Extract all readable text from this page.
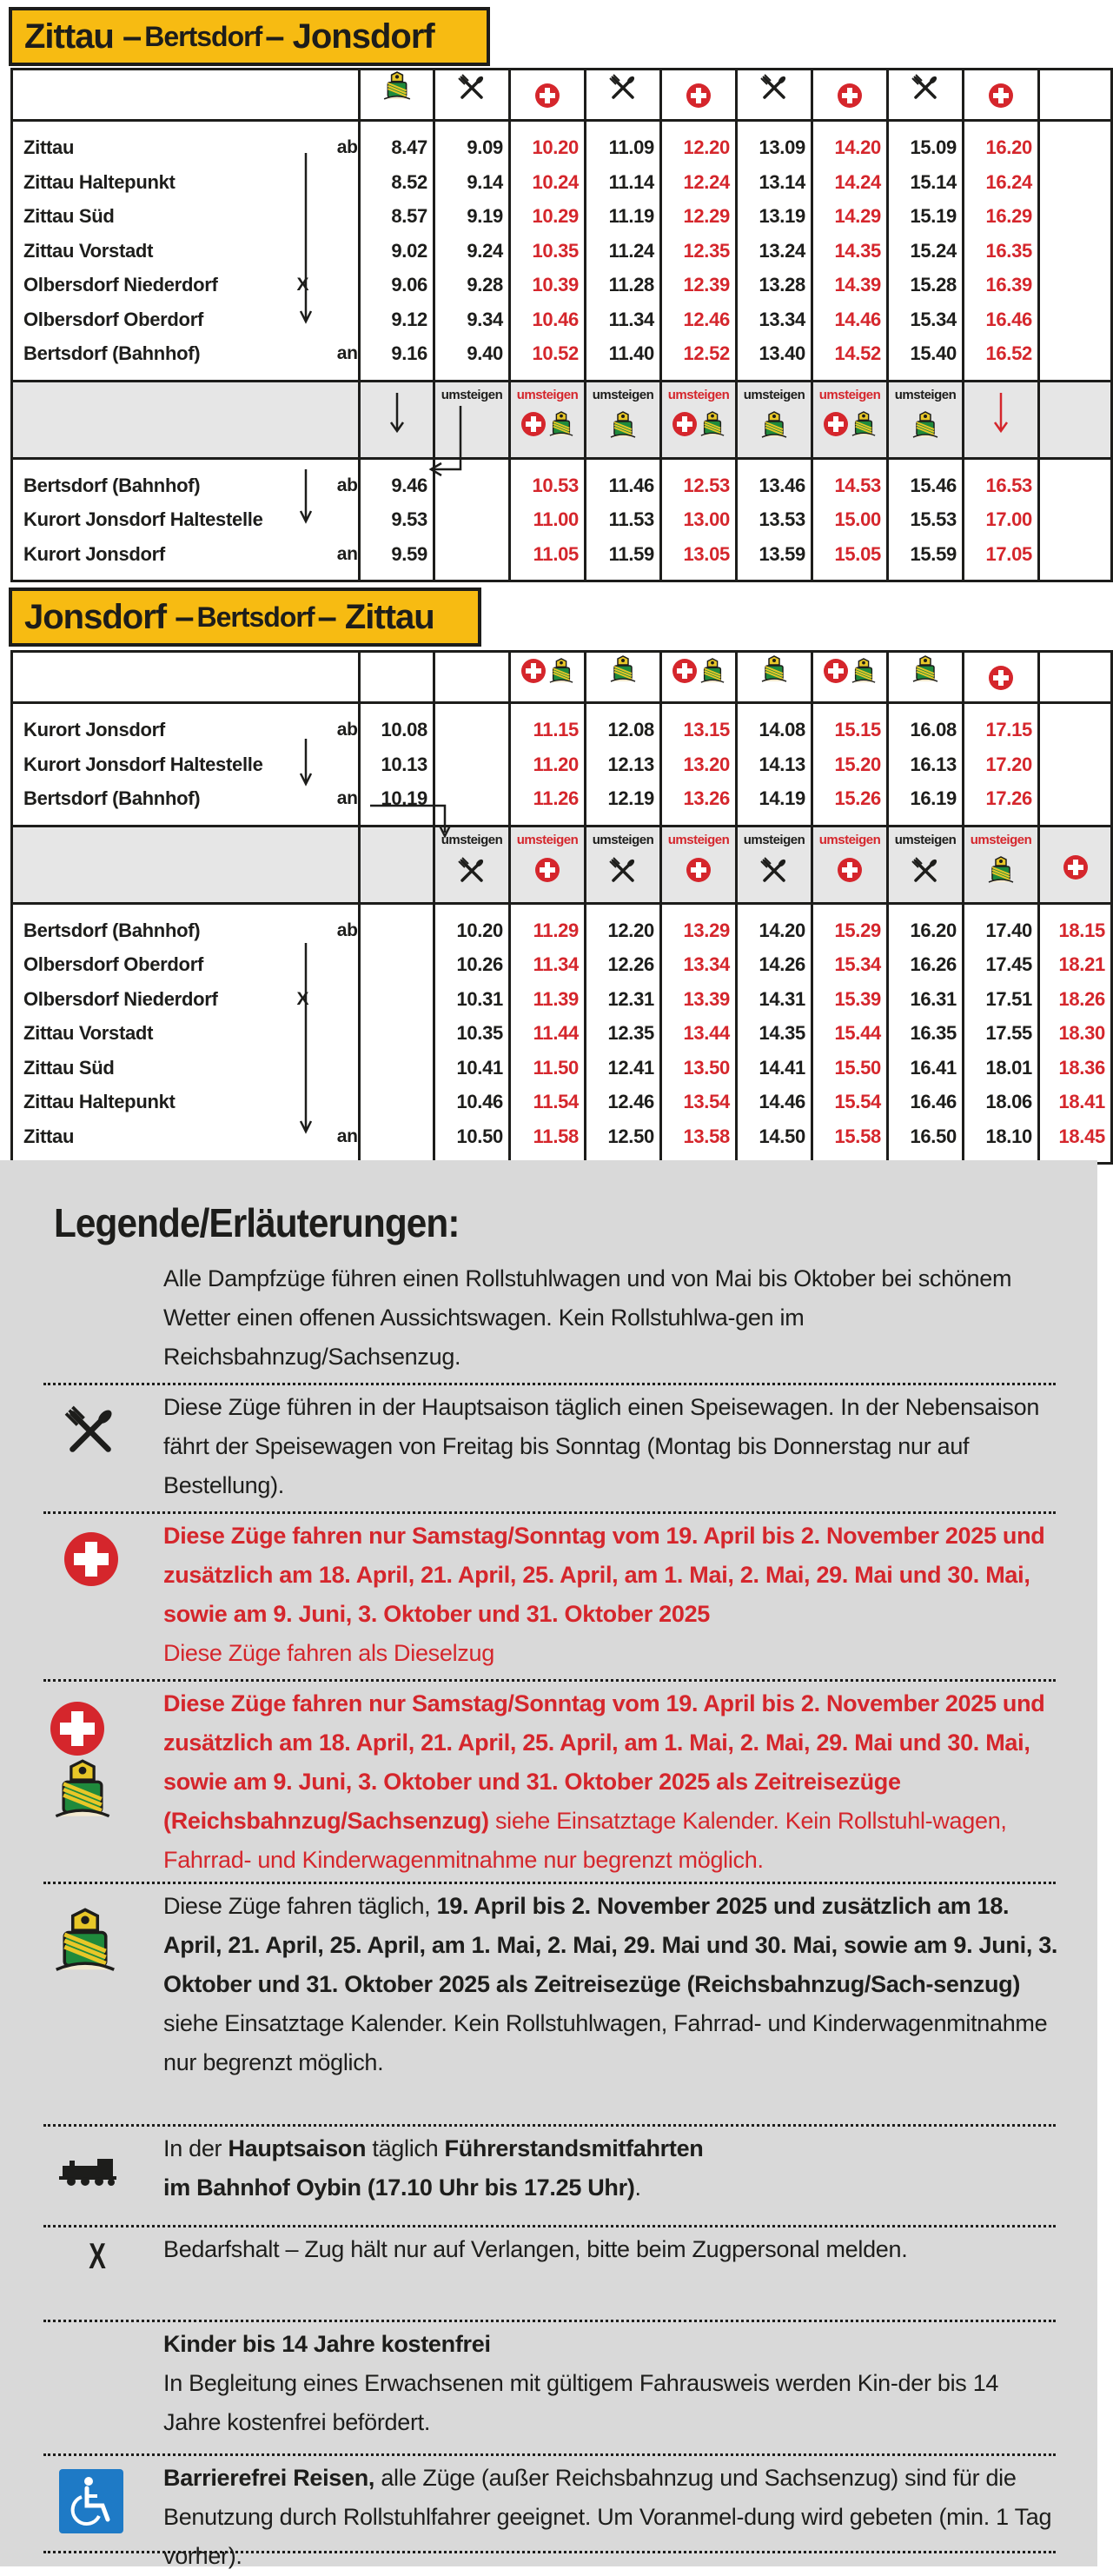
Zittau – Bertsdorf – Jonsdorf

Zittau		ab	8.47	9.09	10.20	11.09	12.20	13.09	14.20	15.09	16.20	
Zittau Haltepunkt			8.52	9.14	10.24	11.14	12.24	13.14	14.24	15.14	16.24	
Zittau Süd			8.57	9.19	10.29	11.19	12.29	13.19	14.29	15.19	16.29	
Zittau Vorstadt			9.02	9.24	10.35	11.24	12.35	13.24	14.35	15.24	16.35	
Olbersdorf Niederdorf	X		9.06	9.28	10.39	11.28	12.39	13.28	14.39	15.28	16.39	
Olbersdorf Oberdorf			9.12	9.34	10.46	11.34	12.46	13.34	14.46	15.34	16.46	
Bertsdorf (Bahnhof)		an	9.16	9.40	10.52	11.40	12.52	13.40	14.52	15.40	16.52	

umsteigen	umsteigen	umsteigen	umsteigen	umsteigen	umsteigen	umsteigen

Bertsdorf (Bahnhof)		ab	9.46		10.53	11.46	12.53	13.46	14.53	15.46	16.53	
Kurort Jonsdorf Haltestelle			9.53		11.00	11.53	13.00	13.53	15.00	15.53	17.00	
Kurort Jonsdorf		an	9.59		11.05	11.59	13.05	13.59	15.05	15.59	17.05	
Jonsdorf – Bertsdorf – Zittau

Kurort Jonsdorf		ab	10.08		11.15	12.08	13.15	14.08	15.15	16.08	17.15	
Kurort Jonsdorf Haltestelle			10.13		11.20	12.13	13.20	14.13	15.20	16.13	17.20	
Bertsdorf (Bahnhof)		an	10.19		11.26	12.19	13.26	14.19	15.26	16.19	17.26	

				umsteigen	umsteigen	umsteigen	umsteigen	umsteigen	umsteigen	umsteigen	umsteigen	

Bertsdorf (Bahnhof)		ab		10.20	11.29	12.20	13.29	14.20	15.29	16.20	17.40	18.15
Olbersdorf Oberdorf				10.26	11.34	12.26	13.34	14.26	15.34	16.26	17.45	18.21
Olbersdorf Niederdorf	X			10.31	11.39	12.31	13.39	14.31	15.39	16.31	17.51	18.26
Zittau Vorstadt				10.35	11.44	12.35	13.44	14.35	15.44	16.35	17.55	18.30
Zittau Süd				10.41	11.50	12.41	13.50	14.41	15.50	16.41	18.01	18.36
Zittau Haltepunkt				10.46	11.54	12.46	13.54	14.46	15.54	16.46	18.06	18.41
Zittau		an		10.50	11.58	12.50	13.58	14.50	15.58	16.50	18.10	18.45
Legende/Erläuterungen:
Alle Dampfzüge führen einen Rollstuhlwagen und von Mai bis Oktober bei schönem Wetter einen offenen Aussichtswagen. Kein Rollstuhlwa-gen im Reichsbahnzug/Sachsenzug.
Diese Züge führen in der Hauptsaison täglich einen Speisewagen. In der Nebensaison fährt der Speisewagen von Freitag bis Sonntag (Montag bis Donnerstag nur auf Bestellung).
Diese Züge fahren nur Samstag/Sonntag vom 19. April bis 2. November 2025 und zusätzlich am 18. April, 21. April, 25. April, am 1. Mai, 2. Mai, 29. Mai und 30. Mai, sowie am 9. Juni, 3. Oktober und 31. Oktober 2025
Diese Züge fahren als Dieselzug
Diese Züge fahren nur Samstag/Sonntag vom 19. April bis 2. November 2025 und zusätzlich am 18. April, 21. April, 25. April, am 1. Mai, 2. Mai, 29. Mai und 30. Mai, sowie am 9. Juni, 3. Oktober und 31. Oktober 2025 als Zeitreisezüge (Reichsbahnzug/Sachsenzug) siehe Einsatztage Kalender. Kein Rollstuhl-wagen, Fahrrad- und Kinderwagenmitnahme nur begrenzt möglich.
Diese Züge fahren täglich, 19. April bis 2. November 2025 und zusätzlich am 18. April, 21. April, 25. April, am 1. Mai, 2. Mai, 29. Mai und 30. Mai, sowie am 9. Juni, 3. Oktober und 31. Oktober 2025 als Zeitreisezüge (Reichsbahnzug/Sach-senzug) siehe Einsatztage Kalender. Kein Rollstuhlwagen, Fahrrad- und Kinderwagenmitnahme nur begrenzt möglich.
In der Hauptsaison täglich Führerstandsmitfahrten
im Bahnhof Oybin (17.10 Uhr bis 17.25 Uhr).
X Bedarfshalt – Zug hält nur auf Verlangen, bitte beim Zugpersonal melden.
Kinder bis 14 Jahre kostenfrei
In Begleitung eines Erwachsenen mit gültigem Fahrausweis werden Kin-der bis 14 Jahre kostenfrei befördert.
Barrierefrei Reisen, alle Züge (außer Reichsbahnzug und Sachsenzug) sind für die Benutzung durch Rollstuhlfahrer geeignet. Um Voranmel-dung wird gebeten (min. 1 Tag vorher).
